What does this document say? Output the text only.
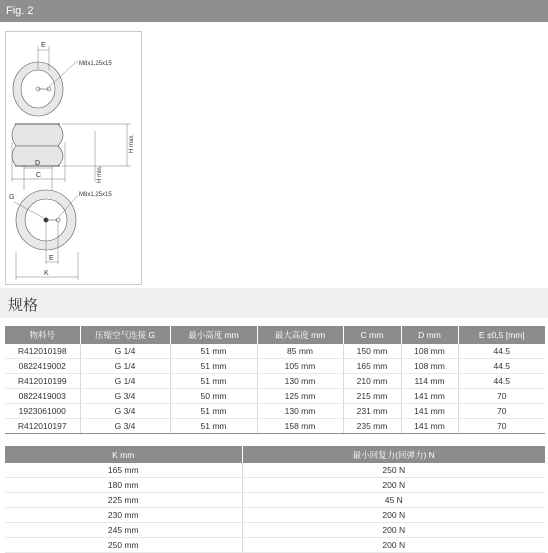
Fig. 2
E
M8x1,25x15
H max.
H min.
D
C
G	M8x1,25x15
E
K
规格
物料号	压缩空气连接 G	最小高度 mm	最大高度 mm	C mm	D mm	E ±0,5 [mm]
R412010198	G 1/4	51 mm	85 mm	150 mm	108 mm	44.5
0822419002	G 1/4	51 mm	105 mm	165 mm	108 mm	44.5
R412010199	G 1/4	51 mm	130 mm	210 mm	114 mm	44.5
0822419003	G 3/4	50 mm	125 mm	215 mm	141 mm	70
1923061000	G 3/4	51 mm	130 mm	231 mm	141 mm	70
R412010197	G 3/4	51 mm	158 mm	235 mm	141 mm	70
K mm	最小回复力(回弹力) N
165 mm	250 N
180 mm	200 N
225 mm	45 N
230 mm	200 N
245 mm	200 N
250 mm	200 N
